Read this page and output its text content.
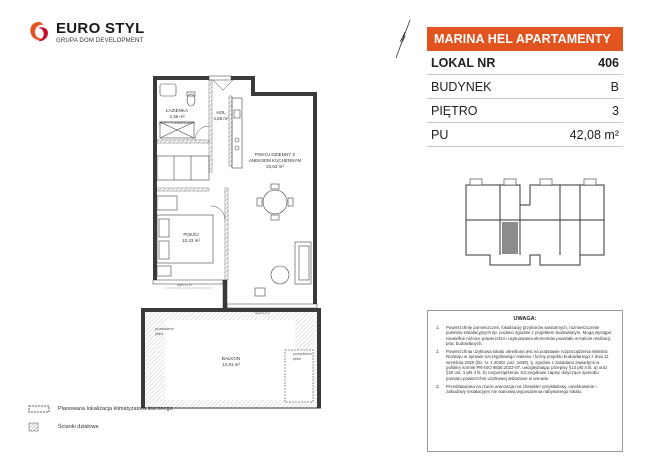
EURO STYL
GRUPA DOM DEVELOPMENT
hgw=1,2 m
ŁAZIENKA
4,36 m²
(SUFIT PODWIESZANY)
HOL
4,66 m²
POKÓJ DZIENNY Z
ANEKSEM KUCHENNYM
22,63 m²
POKÓJ
10,43 m²
BALKON
12,91 m²
przeszklenie
pełne
przeszklenie
pełne
MARINA HEL APARTAMENTY
LOKAL NR	406
BUDYNEK	B
PIĘTRO	3
PU	42,08 m²
UWAGA:
1.	Powierzchnię pomieszczeń, lokalizację przyborów sanitarnych, rozmieszczenie punktów instalacyjnych itp. podano zgodnie z projektem budowlanym. Mogą wystąpić niewielkie różnice powierzchni i usytuowania elementów powstałe w trakcie realizacji prac budowlanych.
2.	Powierzchnia użytkowa lokalu określona jest na podstawie rozporządzenia Ministra Rozwoju w sprawie szczegółowego zakresu i formy projektu budowlanego z dnia 11 września 2020 (Dz. U. z 2020r. poz. 1609), tj. zgodnie z zasadami zawartymi w polskiej normie PN-ISO 9836:2022-07, uwzględniając przepisy §14 pkt 4 lit. a) oraz §20 ust. 1 pkt 4 lit. b) rozporządzenia. Szczegółowe zapisy dotyczące sposobu pomiaru powierzchni użytkowej wskazane w umowie.
3.	Przedstawiona na rzucie aranżacja ma charakter przykładowy, umeblowanie i zabudowy instalacyjne nie stanowią wyposażenia nabywanego lokalu.
Planowana lokalizacja klimatyzatora ściennego
Ścianki działowe
